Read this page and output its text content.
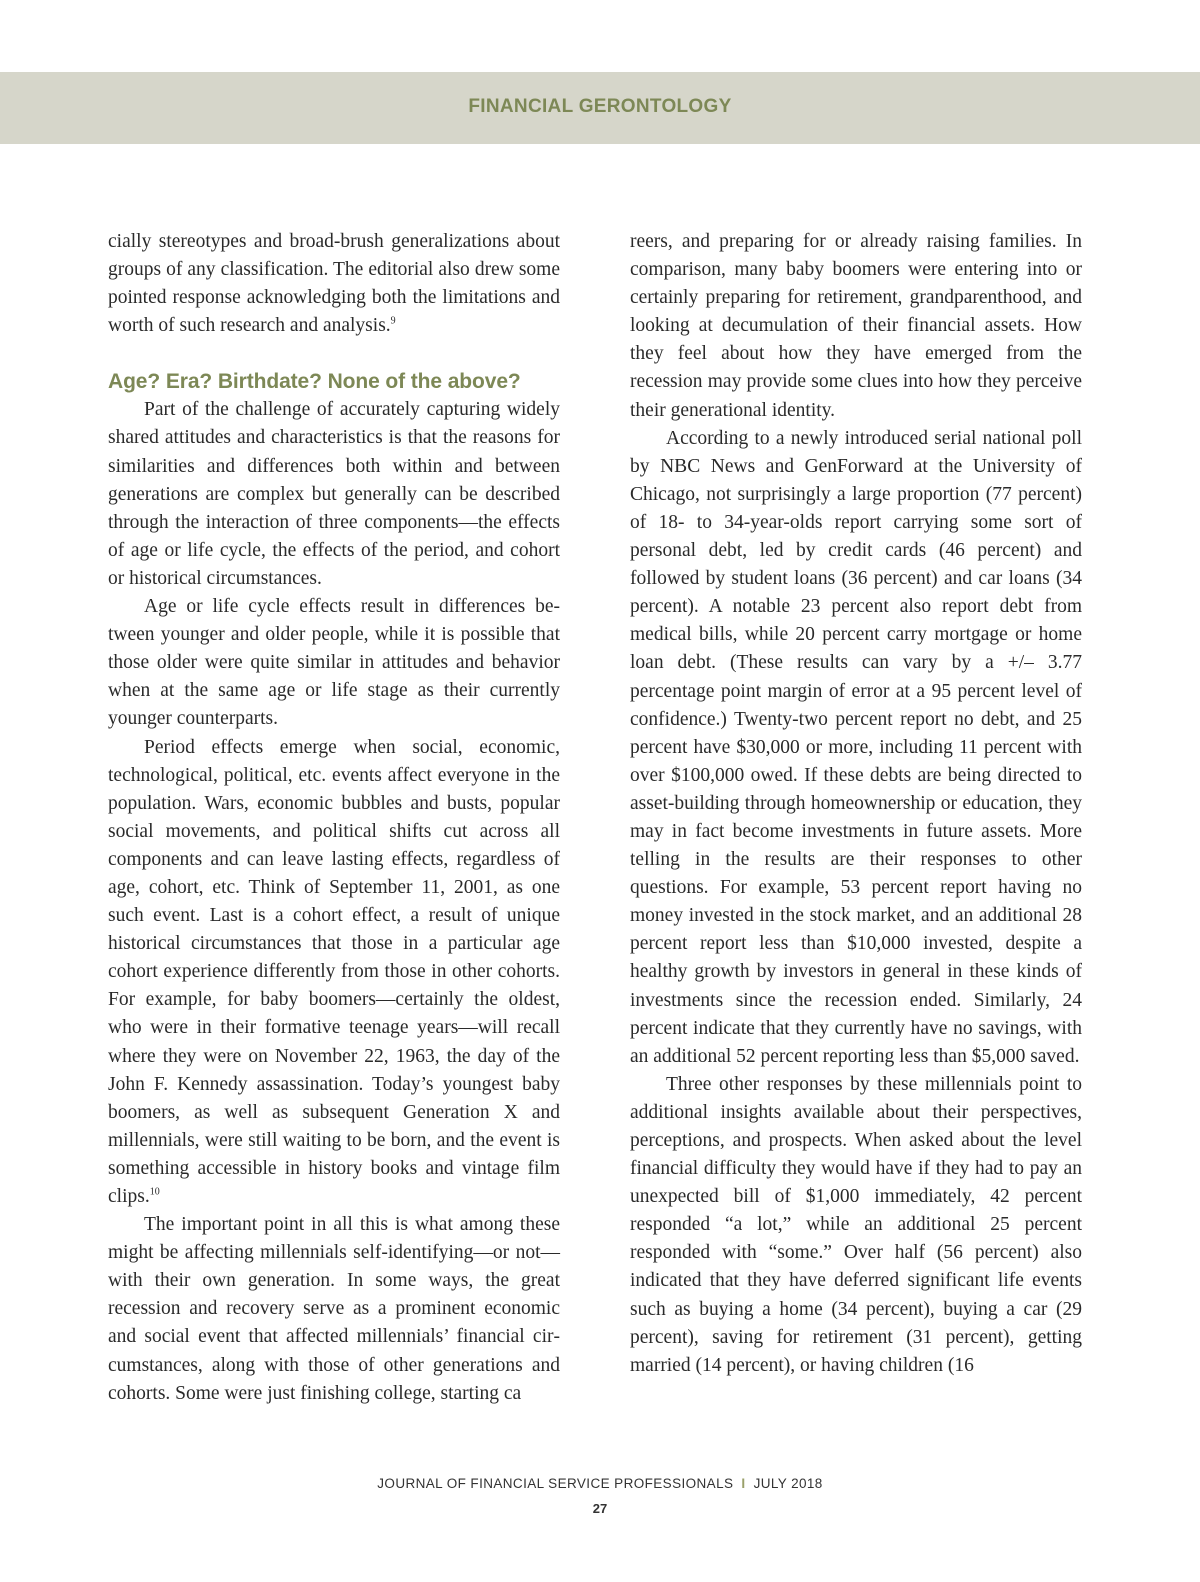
FINANCIAL GERONTOLOGY

cially stereotypes and broad-brush generalizations about groups of any classification. The editorial also drew some pointed response acknowledging both the limitations and worth of such research and analysis.$^9$

Age? Era? Birthdate? None of the above?

Part of the challenge of accurately capturing widely shared attitudes and characteristics is that the reasons for similarities and differences both within and between generations are complex but generally can be described through the interaction of three components—the effects of age or life cycle, the effects of the period, and cohort or historical circumstances.

Age or life cycle effects result in differences between younger and older people, while it is possible that those older were quite similar in attitudes and behavior when at the same age or life stage as their currently younger counterparts.

Period effects emerge when social, economic, technological, political, etc. events affect everyone in the population. Wars, economic bubbles and busts, popular social movements, and political shifts cut across all components and can leave lasting effects, regardless of age, cohort, etc. Think of September 11, 2001, as one such event. Last is a cohort effect, a result of unique historical circumstances that those in a particular age cohort experience differently from those in other cohorts. For example, for baby boomers—certainly the oldest, who were in their formative teenage years—will recall where they were on November 22, 1963, the day of the John F. Kennedy assassination. Today’s youngest baby boomers, as well as subsequent Generation X and millennials, were still waiting to be born, and the event is something accessible in history books and vintage film clips.$^{10}$

The important point in all this is what among these might be affecting millennials self-identifying—or not—with their own generation. In some ways, the great recession and recovery serve as a prominent economic and social event that affected millennials’ financial circumstances, along with those of other generations and cohorts. Some were just finishing college, starting ca

reers, and preparing for or already raising families. In comparison, many baby boomers were entering into or certainly preparing for retirement, grandparenthood, and looking at decumulation of their financial assets. How they feel about how they have emerged from the recession may provide some clues into how they perceive their generational identity.

According to a newly introduced serial national poll by NBC News and GenForward at the University of Chicago, not surprisingly a large proportion (77 percent) of 18- to 34-year-olds report carrying some sort of personal debt, led by credit cards (46 percent) and followed by student loans (36 percent) and car loans (34 percent). A notable 23 percent also report debt from medical bills, while 20 percent carry mortgage or home loan debt. (These results can vary by a +/– 3.77 percentage point margin of error at a 95 percent level of confidence.) Twenty-two percent report no debt, and 25 percent have $30,000 or more, including 11 percent with over $100,000 owed. If these debts are being directed to asset-building through homeownership or education, they may in fact become investments in future assets. More telling in the results are their responses to other questions. For example, 53 percent report having no money invested in the stock market, and an additional 28 percent report less than $10,000 invested, despite a healthy growth by investors in general in these kinds of investments since the recession ended. Similarly, 24 percent indicate that they currently have no savings, with an additional 52 percent reporting less than $5,000 saved.

Three other responses by these millennials point to additional insights available about their perspectives, perceptions, and prospects. When asked about the level financial difficulty they would have if they had to pay an unexpected bill of $1,000 immediately, 42 percent responded “a lot,” while an additional 25 percent responded with “some.” Over half (56 percent) also indicated that they have deferred significant life events such as buying a home (34 percent), buying a car (29 percent), saving for retirement (31 percent), getting married (14 percent), or having children (16

JOURNAL OF FINANCIAL SERVICE PROFESSIONALS I JULY 2018
27
